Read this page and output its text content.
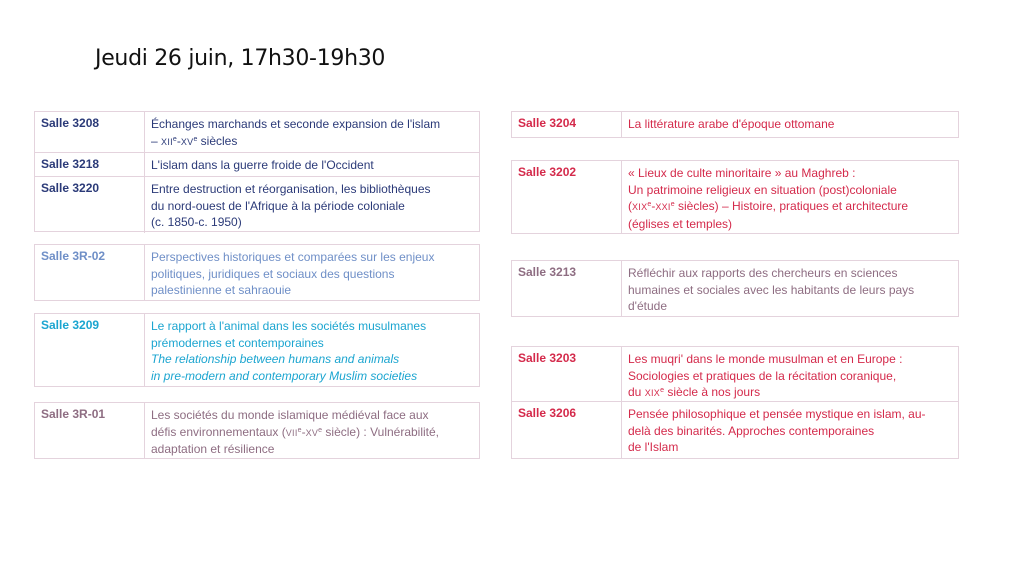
Jeudi 26 juin, 17h30-19h30
Salle 3208	Échanges marchands et seconde expansion de l'islam
– XIIe-XVe siècles
Salle 3218	L'islam dans la guerre froide de l'Occident
Salle 3220	Entre destruction et réorganisation, les bibliothèques
du nord-ouest de l'Afrique à la période coloniale
(c. 1850-c. 1950)
Salle 3R-02	Perspectives historiques et comparées sur les enjeux
politiques, juridiques et sociaux des questions
palestinienne et sahraouie
Salle 3209	Le rapport à l'animal dans les sociétés musulmanes
prémodernes et contemporaines
The relationship between humans and animals
in pre-modern and contemporary Muslim societies
Salle 3R-01	Les sociétés du monde islamique médiéval face aux
défis environnementaux (VIIe-XVe siècle) : Vulnérabilité,
adaptation et résilience
Salle 3204	La littérature arabe d'époque ottomane
Salle 3202	« Lieux de culte minoritaire » au Maghreb :
Un patrimoine religieux en situation (post)coloniale
(XIXe-XXIe siècles) – Histoire, pratiques et architecture
(églises et temples)
Salle 3213	Réfléchir aux rapports des chercheurs en sciences
humaines et sociales avec les habitants de leurs pays
d'étude
Salle 3203	Les muqri' dans le monde musulman et en Europe :
Sociologies et pratiques de la récitation coranique,
du XIXe siècle à nos jours
Salle 3206	Pensée philosophique et pensée mystique en islam, au-
delà des binarités. Approches contemporaines
de l'Islam
